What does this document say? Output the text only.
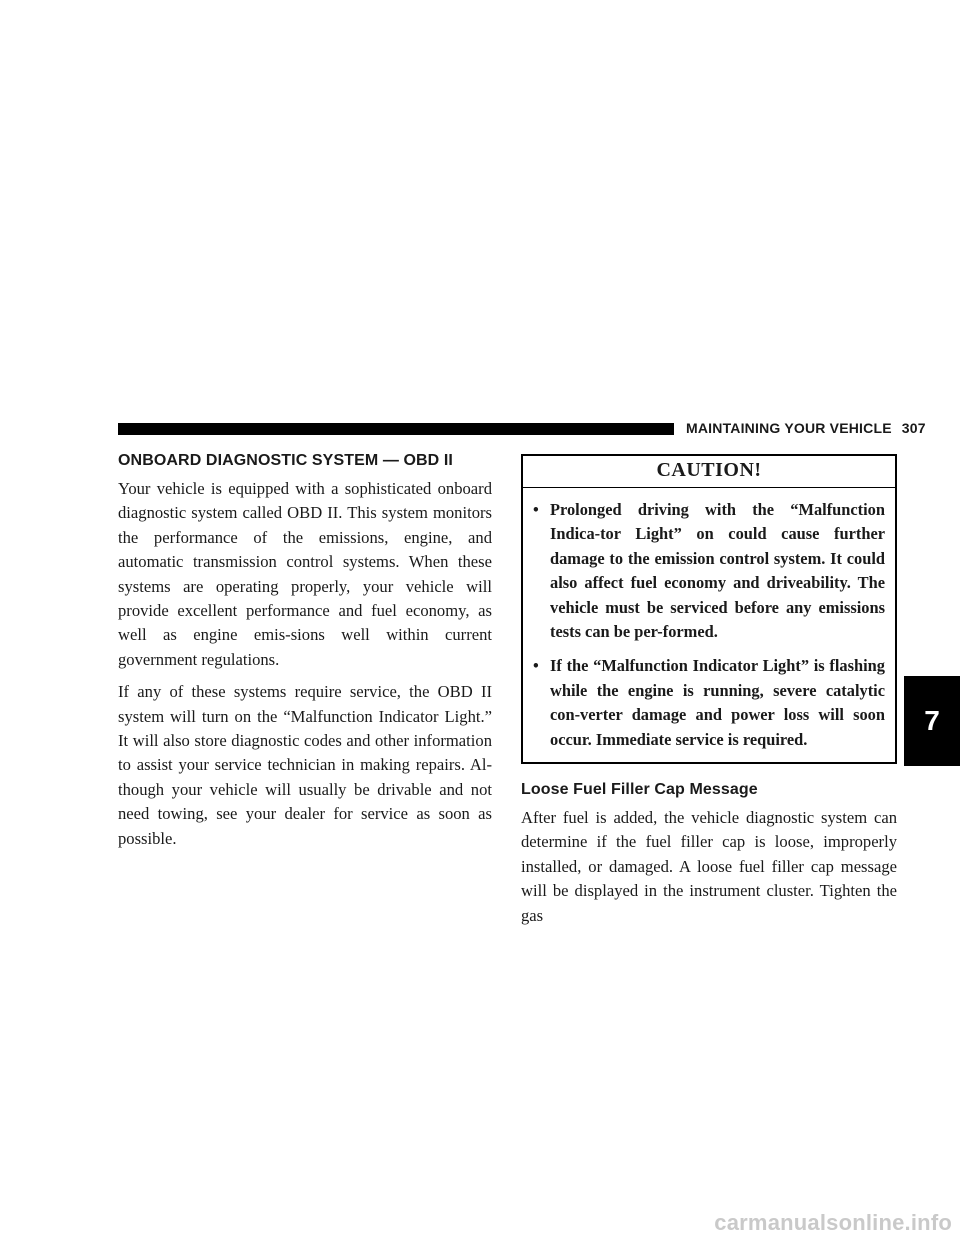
MAINTAINING YOUR VEHICLE 307
ONBOARD DIAGNOSTIC SYSTEM — OBD II

Your vehicle is equipped with a sophisticated onboard diagnostic system called OBD II. This system monitors the performance of the emissions, engine, and automatic transmission control systems. When these systems are operating properly, your vehicle will provide excellent performance and fuel economy, as well as engine emis-sions well within current government regulations.

If any of these systems require service, the OBD II system will turn on the “Malfunction Indicator Light.” It will also store diagnostic codes and other information to assist your service technician in making repairs. Al-though your vehicle will usually be drivable and not need towing, see your dealer for service as soon as possible.

CAUTION!
• Prolonged driving with the “Malfunction Indica-tor Light” on could cause further damage to the emission control system. It could also affect fuel economy and driveability. The vehicle must be serviced before any emissions tests can be per-formed.
• If the “Malfunction Indicator Light” is flashing while the engine is running, severe catalytic con-verter damage and power loss will soon occur. Immediate service is required.
Loose Fuel Filler Cap Message

After fuel is added, the vehicle diagnostic system can determine if the fuel filler cap is loose, improperly installed, or damaged. A loose fuel filler cap message will be displayed in the instrument cluster. Tighten the gas

7
carmanualsonline.info
